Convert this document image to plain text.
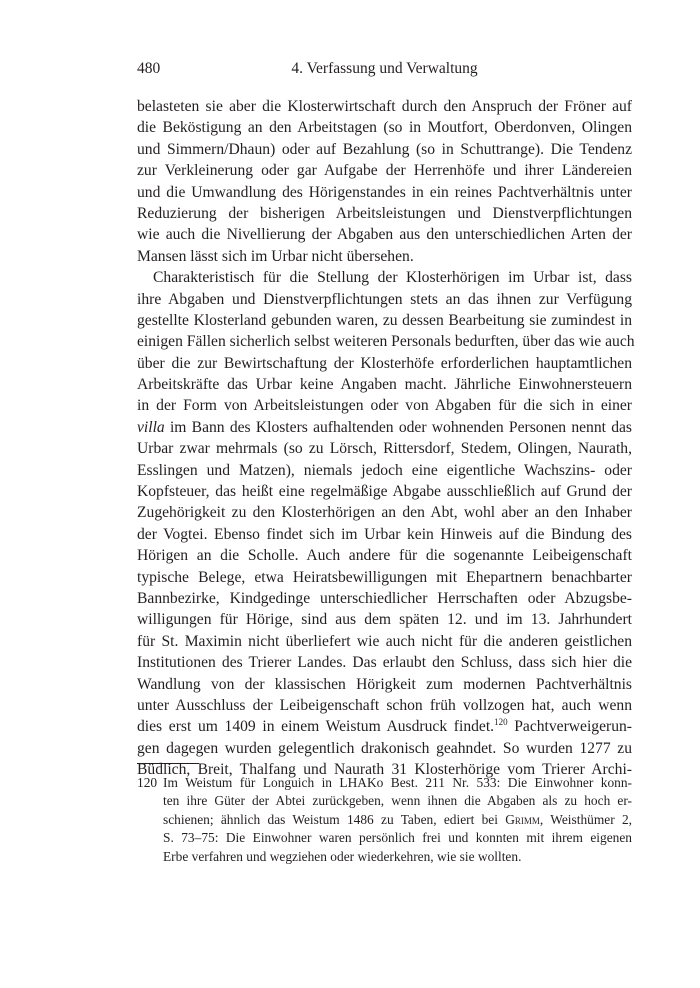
480	4. Verfassung und Verwaltung
belasteten sie aber die Klosterwirtschaft durch den Anspruch der Fröner auf
die Beköstigung an den Arbeitstagen (so in Moutfort, Oberdonven, Olingen
und Simmern/Dhaun) oder auf Bezahlung (so in Schuttrange). Die Tendenz
zur Verkleinerung oder gar Aufgabe der Herrenhöfe und ihrer Ländereien
und die Umwandlung des Hörigenstandes in ein reines Pachtverhältnis unter
Reduzierung der bisherigen Arbeitsleistungen und Dienstverpflichtungen
wie auch die Nivellierung der Abgaben aus den unterschiedlichen Arten der
Mansen lässt sich im Urbar nicht übersehen.
Charakteristisch für die Stellung der Klosterhörigen im Urbar ist, dass
ihre Abgaben und Dienstverpflichtungen stets an das ihnen zur Verfügung
gestellte Klosterland gebunden waren, zu dessen Bearbeitung sie zumindest in
einigen Fällen sicherlich selbst weiteren Personals bedurften, über das wie auch
über die zur Bewirtschaftung der Klosterhöfe erforderlichen hauptamtlichen
Arbeitskräfte das Urbar keine Angaben macht. Jährliche Einwohnersteuern
in der Form von Arbeitsleistungen oder von Abgaben für die sich in einer
villa im Bann des Klosters aufhaltenden oder wohnenden Personen nennt das
Urbar zwar mehrmals (so zu Lörsch, Rittersdorf, Stedem, Olingen, Naurath,
Esslingen und Matzen), niemals jedoch eine eigentliche Wachszins- oder
Kopfsteuer, das heißt eine regelmäßige Abgabe ausschließlich auf Grund der
Zugehörigkeit zu den Klosterhörigen an den Abt, wohl aber an den Inhaber
der Vogtei. Ebenso findet sich im Urbar kein Hinweis auf die Bindung des
Hörigen an die Scholle. Auch andere für die sogenannte Leibeigenschaft
typische Belege, etwa Heiratsbewilligungen mit Ehepartnern benachbarter
Bannbezirke, Kindgedinge unterschiedlicher Herrschaften oder Abzugsbe-
willigungen für Hörige, sind aus dem späten 12. und im 13. Jahrhundert
für St. Maximin nicht überliefert wie auch nicht für die anderen geistlichen
Institutionen des Trierer Landes. Das erlaubt den Schluss, dass sich hier die
Wandlung von der klassischen Hörigkeit zum modernen Pachtverhältnis
unter Ausschluss der Leibeigenschaft schon früh vollzogen hat, auch wenn
dies erst um 1409 in einem Weistum Ausdruck findet.$^{120}$ Pachtverweigerun-
gen dagegen wurden gelegentlich drakonisch geahndet. So wurden 1277 zu
Büdlich, Breit, Thalfang und Naurath 31 Klosterhörige vom Trierer Archi-
120 Im Weistum für Longuich in LHAKo Best. 211 Nr. 533: Die Einwohner konn-
ten ihre Güter der Abtei zurückgeben, wenn ihnen die Abgaben als zu hoch er-
schienen; ähnlich das Weistum 1486 zu Taben, ediert bei Grimm, Weisthümer 2,
S. 73–75: Die Einwohner waren persönlich frei und konnten mit ihrem eigenen
Erbe verfahren und wegziehen oder wiederkehren, wie sie wollten.
